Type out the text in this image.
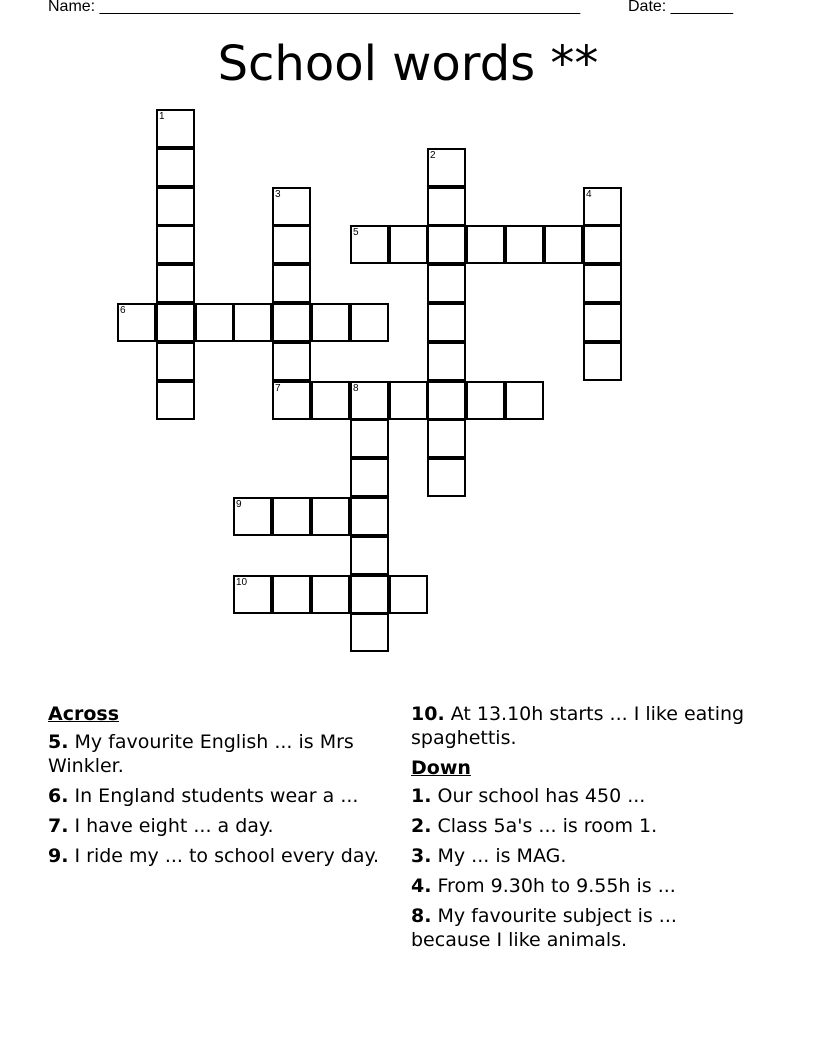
Name: ______________________________________________________	Date: _______
School words **
1
2
3
7
4
5
6
8
9
10
Across
5. My favourite English ... is Mrs Winkler.
6. In England students wear a ...
7. I have eight ... a day.
9. I ride my ... to school every day.
10. At 13.10h starts ... I like eating spaghettis.
Down
1. Our school has 450 ...
2. Class 5a's ... is room 1.
3. My ... is MAG.
4. From 9.30h to 9.55h is ...
8. My favourite subject is ... because I like animals.
